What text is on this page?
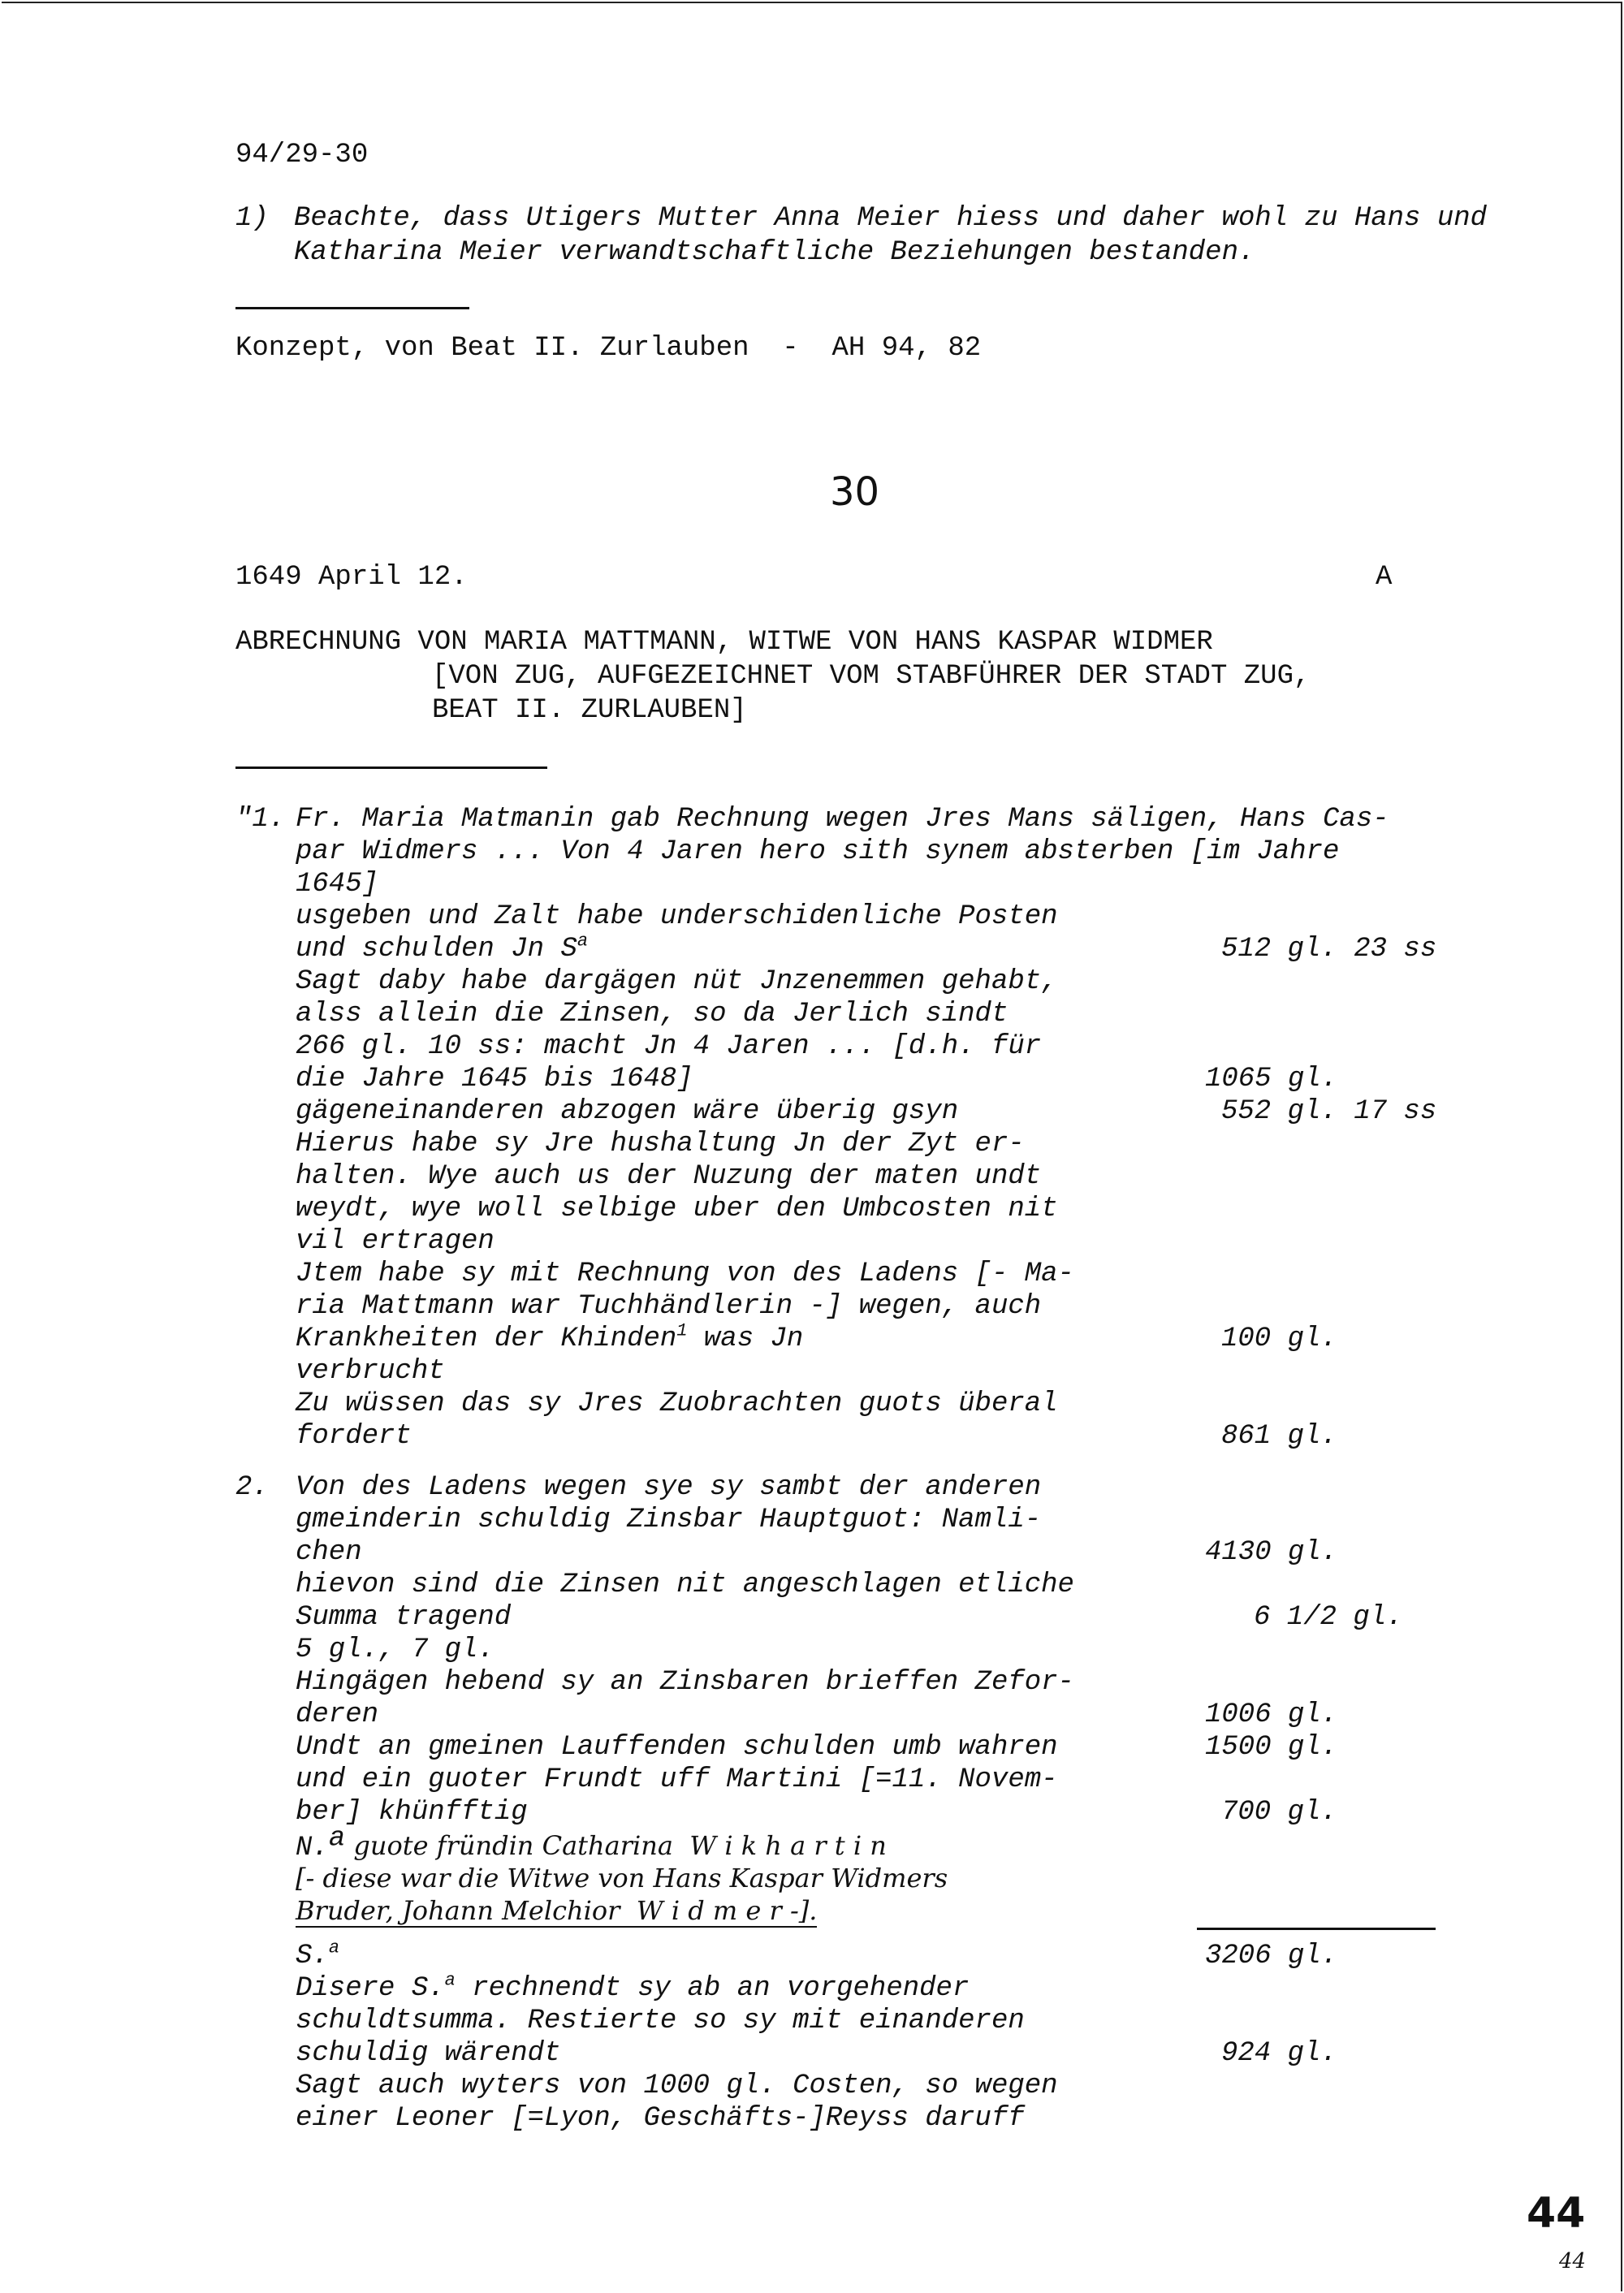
94/29-30
1) Beachte, dass Utigers Mutter Anna Meier hiess und daher wohl zu Hans und
Katharina Meier verwandtschaftliche Beziehungen bestanden.
Konzept, von Beat II. Zurlauben  -  AH 94, 82
30
1649 April 12.	A
ABRECHNUNG VON MARIA MATTMANN, WITWE VON HANS KASPAR WIDMER
[VON ZUG, AUFGEZEICHNET VOM STABFÜHRER DER STADT ZUG,
BEAT II. ZURLAUBEN]
"1. Fr. Maria Matmanin gab Rechnung wegen Jres Mans säligen, Hans Cas-
par Widmers ... Von 4 Jaren hero sith synem absterben [im Jahre
1645]
usgeben und Zalt habe underschidenliche Posten
und schulden Jn $S^a$	512 gl. 23 ss
Sagt daby habe dargägen nüt Jnzenemmen gehabt,
alss allein die Zinsen, so da Jerlich sindt
266 gl. 10 ss: macht Jn 4 Jaren ... [d.h. für
die Jahre 1645 bis 1648]	1065 gl.
gägeneinanderen abzogen wäre überig gsyn	552 gl. 17 ss
Hierus habe sy Jre hushaltung Jn der Zyt er-
halten. Wye auch us der Nuzung der maten undt
weydt, wye woll selbige uber den Umbcosten nit
vil ertragen
Jtem habe sy mit Rechnung von des Ladens [- Ma-
ria Mattmann war Tuchhändlerin -] wegen, auch
Krankheiten der Khinden$^1$ was Jn	100 gl.
verbrucht
Zu wüssen das sy Jres Zuobrachten guots überal
fordert	861 gl.
2. Von des Ladens wegen sye sy sambt der anderen
gmeinderin schuldig Zinsbar Hauptguot: Namli-
chen	4130 gl.
hievon sind die Zinsen nit angeschlagen etliche
Summa tragend	6 1/2 gl.
5 gl., 7 gl.
Hingägen hebend sy an Zinsbaren brieffen Zefor-
deren	1006 gl.
Undt an gmeinen Lauffenden schulden umb wahren	1500 gl.
und ein guoter Frundt uff Martini [=11. Novem-
ber] khünfftig	700 gl.
N.$^a$ guote fründin Catharina  W i k h a r t i n
[- diese war die Witwe von Hans Kaspar Widmers
Bruder, Johann Melchior  W i d m e r -].
S.$^a$	3206 gl.
Disere S.$^a$ rechnendt sy ab an vorgehender
schuldtsumma. Restierte so sy mit einanderen
schuldig wärendt	924 gl.
Sagt auch wyters von 1000 gl. Costen, so wegen
einer Leoner [=Lyon, Geschäfts-]Reyss daruff
44
44
